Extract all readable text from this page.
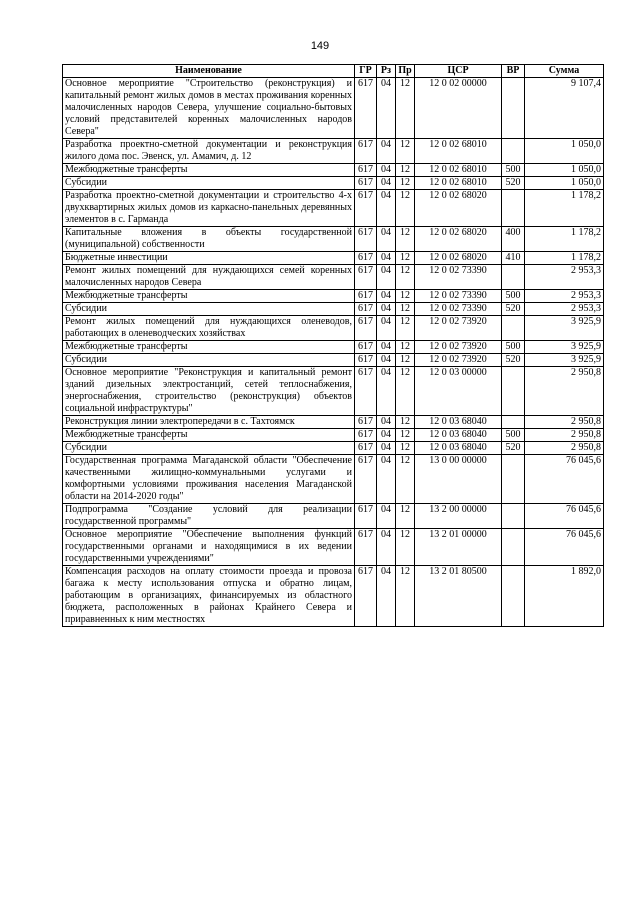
149
Наименование	ГР	Рз	Пр	ЦСР	ВР	Сумма
Основное мероприятие "Строительство (реконструкция) и капитальный ремонт жилых домов в местах проживания коренных малочисленных народов Севера, улучшение социально-бытовых условий представителей коренных малочисленных народов Севера"	617	04	12	12 0 02 00000		9 107,4
Разработка проектно-сметной документации и реконструкция жилого дома пос. Эвенск, ул. Амамич, д. 12	617	04	12	12 0 02 68010		1 050,0
Межбюджетные трансферты	617	04	12	12 0 02 68010	500	1 050,0
Субсидии	617	04	12	12 0 02 68010	520	1 050,0
Разработка проектно-сметной документации и строительство 4-х двухквартирных жилых домов из каркасно-панельных деревянных элементов в с. Гарманда	617	04	12	12 0 02 68020		1 178,2
Капитальные вложения в объекты государственной (муниципальной) собственности	617	04	12	12 0 02 68020	400	1 178,2
Бюджетные инвестиции	617	04	12	12 0 02 68020	410	1 178,2
Ремонт жилых помещений для нуждающихся семей коренных малочисленных народов Севера	617	04	12	12 0 02 73390		2 953,3
Межбюджетные трансферты	617	04	12	12 0 02 73390	500	2 953,3
Субсидии	617	04	12	12 0 02 73390	520	2 953,3
Ремонт жилых помещений для нуждающихся оленеводов, работающих в оленеводческих хозяйствах	617	04	12	12 0 02 73920		3 925,9
Межбюджетные трансферты	617	04	12	12 0 02 73920	500	3 925,9
Субсидии	617	04	12	12 0 02 73920	520	3 925,9
Основное мероприятие "Реконструкция и капитальный ремонт зданий дизельных электростанций, сетей теплоснабжения, энергоснабжения, строительство (реконструкция) объектов социальной инфраструктуры"	617	04	12	12 0 03 00000		2 950,8
Реконструкция линии электропередачи в с. Тахтоямск	617	04	12	12 0 03 68040		2 950,8
Межбюджетные трансферты	617	04	12	12 0 03 68040	500	2 950,8
Субсидии	617	04	12	12 0 03 68040	520	2 950,8
Государственная программа Магаданской области "Обеспечение качественными жилищно-коммунальными услугами и комфортными условиями проживания населения Магаданской области на 2014-2020 годы"	617	04	12	13 0 00 00000		76 045,6
Подпрограмма "Создание условий для реализации государственной программы"	617	04	12	13 2 00 00000		76 045,6
Основное мероприятие "Обеспечение выполнения функций государственными органами и находящимися в их ведении государственными учреждениями"	617	04	12	13 2 01 00000		76 045,6
Компенсация расходов на оплату стоимости проезда и провоза багажа к месту использования отпуска и обратно лицам, работающим в организациях, финансируемых из областного бюджета, расположенных в районах Крайнего Севера и приравненных к ним местностях	617	04	12	13 2 01 80500		1 892,0
